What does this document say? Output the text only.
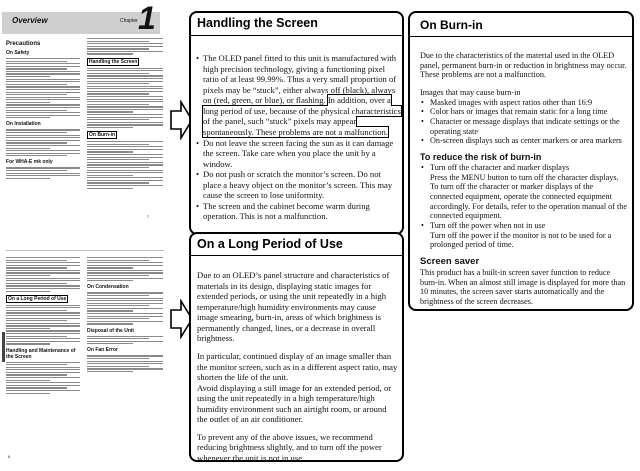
Overview	Chapter 1
Precautions
On Safety
On Installation
For WHA-E mk only
Handling the Screen
On Burn-in
7
On a Long Period of Use
Handling and Maintenance of the Screen
On Condensation
Disposal of the Unit
On Fan Error
8
Handling the Screen
• The OLED panel fitted to this unit is manufactured with high precision technology, giving a functioning pixel ratio of at least 99.99%. Thus a very small proportion of pixels may be “stuck”, either always off (black), always on (red, green, or blue), or flashing. In addition, over a long period of use, because of the physical characteristics of the panel, such “stuck” pixels may appear spontaneously. These problems are not a malfunction.
• Do not leave the screen facing the sun as it can damage the screen. Take care when you place the unit by a window.
• Do not push or scratch the monitor’s screen. Do not place a heavy object on the monitor’s screen. This may cause the screen to lose uniformity.
• The screen and the cabinet become warm during operation. This is not a malfunction.
On a Long Period of Use

Due to an OLED’s panel structure and characteristics of materials in its design, displaying static images for extended periods, or using the unit repeatedly in a high temperature/high humidity environments may cause image smearing, burn-in, areas of which brightness is permanently changed, lines, or a decrease in overall brightness.

In particular, continued display of an image smaller than the monitor screen, such as in a different aspect ratio, may shorten the life of the unit.
Avoid displaying a still image for an extended period, or using the unit repeatedly in a high temperature/high humidity environment such an airtight room, or around the outlet of an air conditioner.

To prevent any of the above issues, we recommend reducing brightness slightly, and to turn off the power whenever the unit is not in use.

On Burn-in

Due to the characteristics of the material used in the OLED panel, permanent burn-in or reduction in brightness may occur.
These problems are not a malfunction.

Images that may cause burn-in
• Masked images with aspect ratios other than 16:9
• Color bars or images that remain static for a long time
• Character or message displays that indicate settings or the operating state
• On-screen displays such as center markers or area markers
To reduce the risk of burn-in
• Turn off the character and marker displays
Press the MENU button to turn off the character displays. To turn off the character or marker displays of the connected equipment, operate the connected equipment accordingly. For details, refer to the operation manual of the connected equipment.
• Turn off the power when not in use
Turn off the power if the monitor is not to be used for a prolonged period of time.
Screen saver

This product has a built-in screen saver function to reduce burn-in. When an almost still image is displayed for more than 10 minutes, the screen saver starts automatically and the brightness of the screen decreases.
